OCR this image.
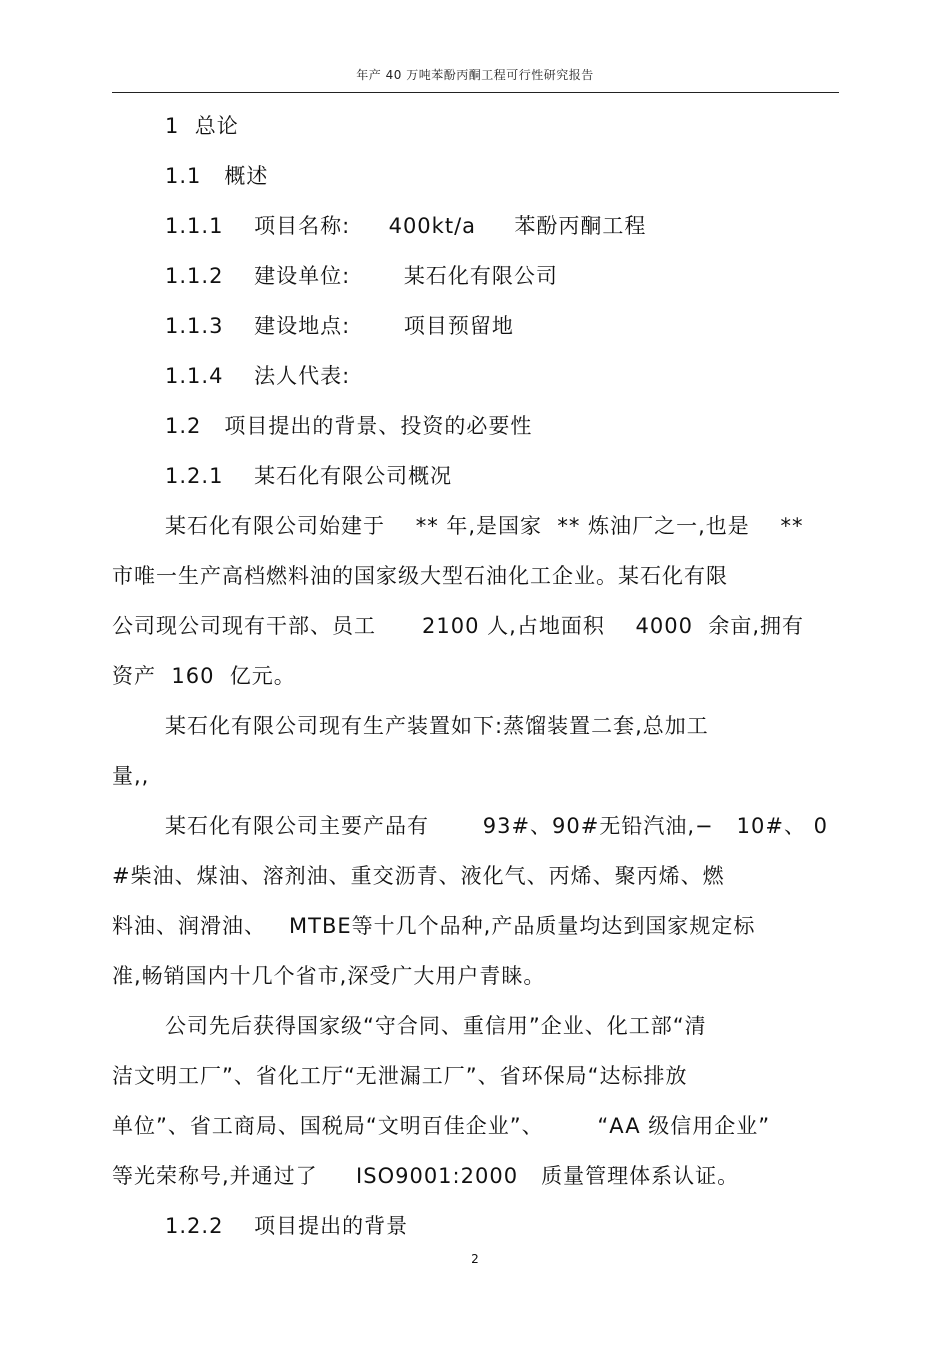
年产 40 万吨苯酚丙酮工程可行性研究报告
1  总论
1.1   概述
1.1.1    项目名称:     400kt/a     苯酚丙酮工程
1.1.2    建设单位:       某石化有限公司
1.1.3    建设地点:       项目预留地
1.1.4    法人代表:
1.2   项目提出的背景、投资的必要性
1.2.1    某石化有限公司概况
某石化有限公司始建于    ** 年,是国家  ** 炼油厂之一,也是    **
市唯一生产高档燃料油的国家级大型石油化工企业。某石化有限
公司现公司现有干部、员工      2100 人,占地面积    4000  余亩,拥有
资产  160  亿元。
某石化有限公司现有生产装置如下:蒸馏装置二套,总加工
量,,
某石化有限公司主要产品有       93#、90#无铅汽油,−   10#、 0
#柴油、煤油、溶剂油、重交沥青、液化气、丙烯、聚丙烯、燃
料油、润滑油、   MTBE等十几个品种,产品质量均达到国家规定标
准,畅销国内十几个省市,深受广大用户青睐。
公司先后获得国家级“守合同、重信用”企业、化工部“清
洁文明工厂”、省化工厅“无泄漏工厂”、省环保局“达标排放
单位”、省工商局、国税局“文明百佳企业”、       “AA 级信用企业”
等光荣称号,并通过了     ISO9001:2000   质量管理体系认证。
1.2.2    项目提出的背景
2
